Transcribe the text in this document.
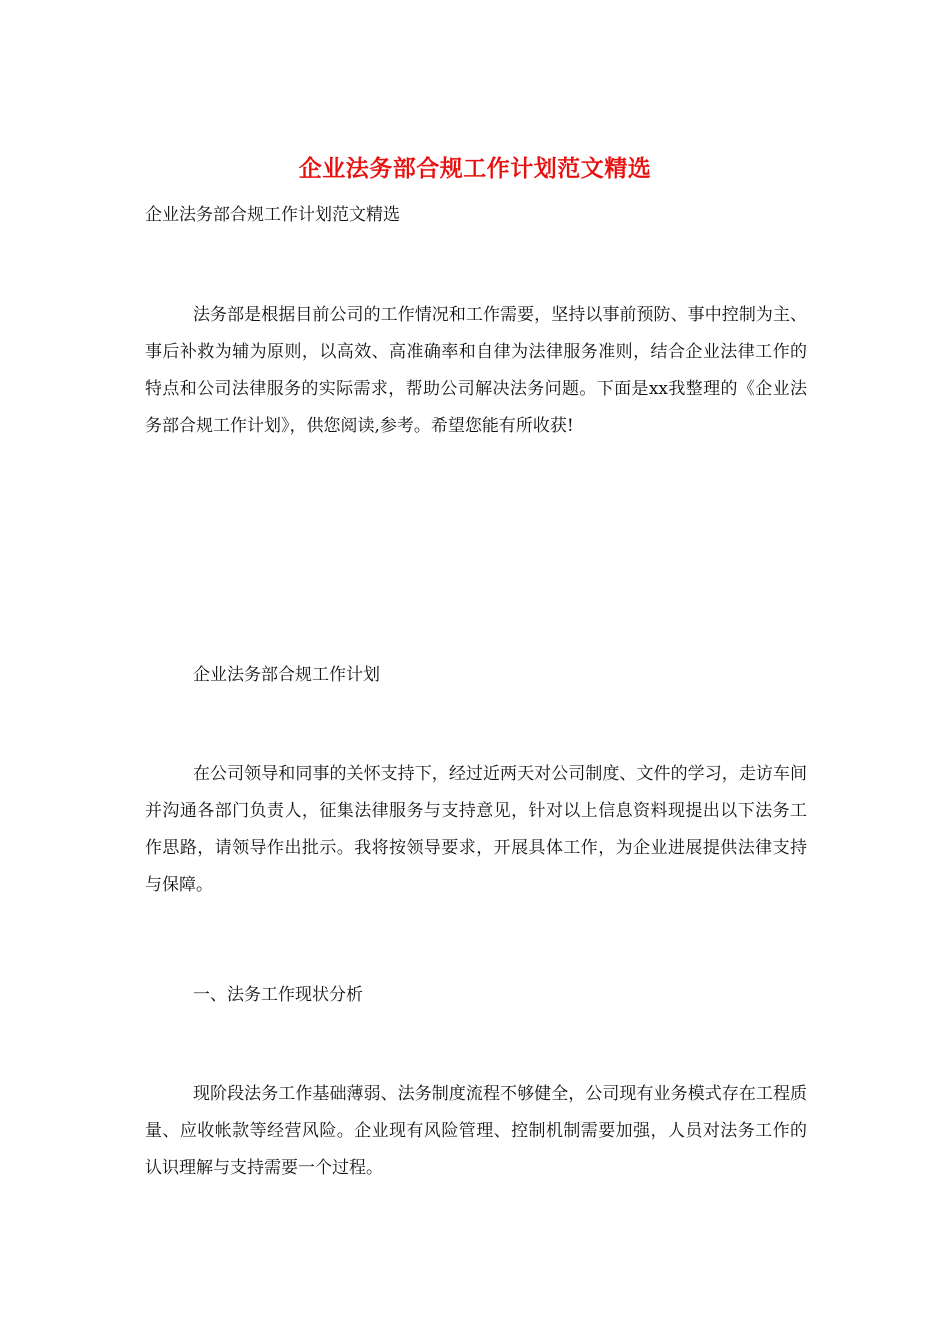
企业法务部合规工作计划范文精选
企业法务部合规工作计划范文精选

法务部是根据目前公司的工作情况和工作需要，坚持以事前预防、事中控制为主、事后补救为辅为原则，以高效、高准确率和自律为法律服务准则，结合企业法律工作的特点和公司法律服务的实际需求，帮助公司解决法务问题。下面是xx我整理的《企业法务部合规工作计划》，供您阅读,参考。希望您能有所收获!

企业法务部合规工作计划

在公司领导和同事的关怀支持下，经过近两天对公司制度、文件的学习，走访车间并沟通各部门负责人，征集法律服务与支持意见，针对以上信息资料现提出以下法务工作思路，请领导作出批示。我将按领导要求，开展具体工作，为企业进展提供法律支持与保障。

一、法务工作现状分析

现阶段法务工作基础薄弱、法务制度流程不够健全，公司现有业务模式存在工程质量、应收帐款等经营风险。企业现有风险管理、控制机制需要加强，人员对法务工作的认识理解与支持需要一个过程。
